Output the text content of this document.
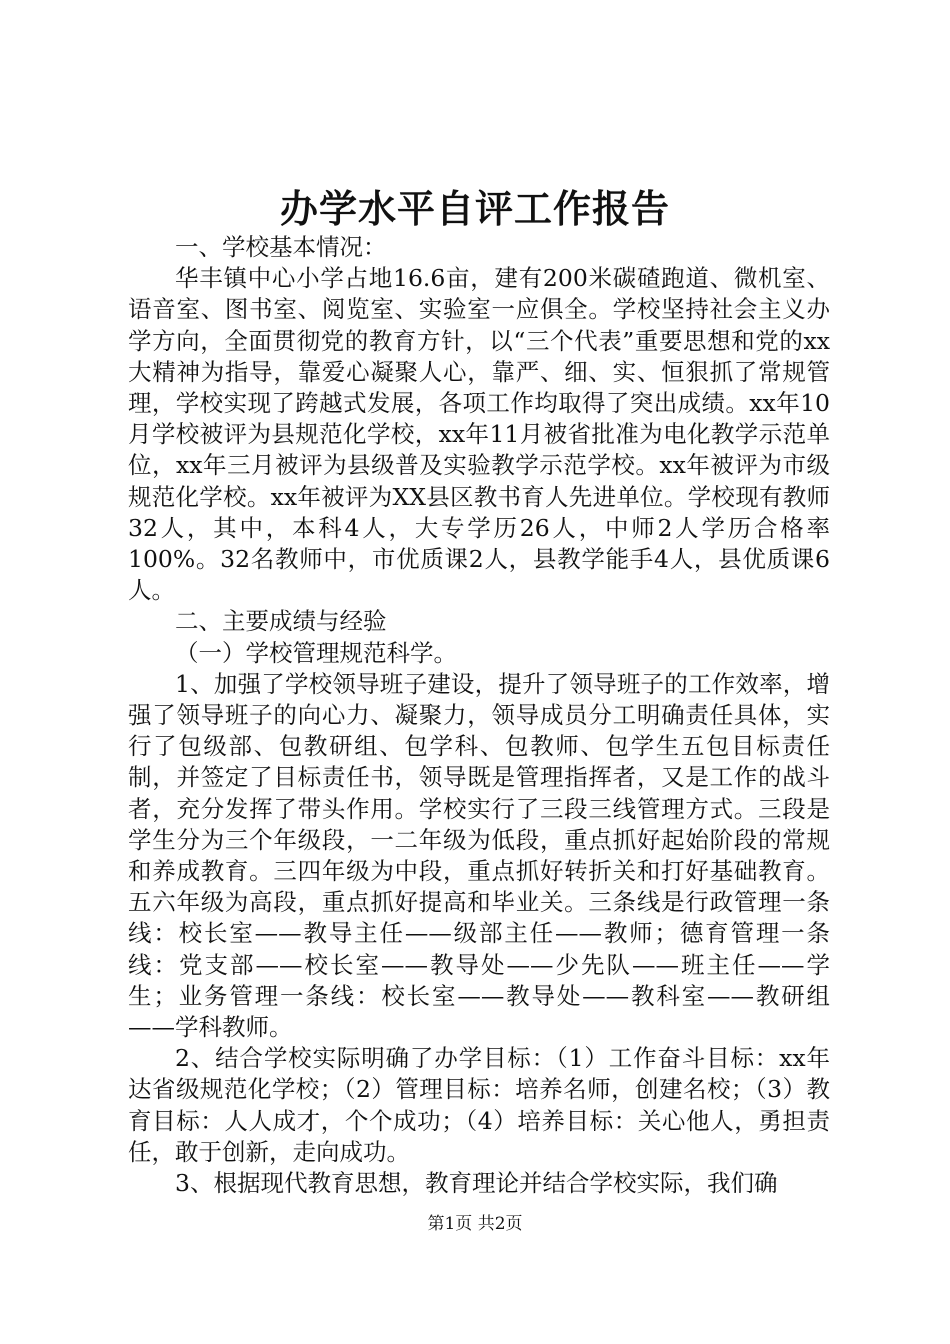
办学水平自评工作报告

一、学校基本情况：

华丰镇中心小学占地16.6亩，建有200米碳碴跑道、微机室、语音室、图书室、阅览室、实验室一应俱全。学校坚持社会主义办学方向，全面贯彻党的教育方针，以“三个代表”重要思想和党的xx大精神为指导，靠爱心凝聚人心，靠严、细、实、恒狠抓了常规管理，学校实现了跨越式发展，各项工作均取得了突出成绩。xx年10月学校被评为县规范化学校，xx年11月被省批准为电化教学示范单位，xx年三月被评为县级普及实验教学示范学校。xx年被评为市级规范化学校。xx年被评为XX县区教书育人先进单位。学校现有教师32人，其中，本科4人，大专学历26人，中师2人学历合格率100%。32名教师中，市优质课2人，县教学能手4人，县优质课6人。

二、主要成绩与经验

（一）学校管理规范科学。

1、加强了学校领导班子建设，提升了领导班子的工作效率，增强了领导班子的向心力、凝聚力，领导成员分工明确责任具体，实行了包级部、包教研组、包学科、包教师、包学生五包目标责任制，并签定了目标责任书，领导既是管理指挥者，又是工作的战斗者，充分发挥了带头作用。学校实行了三段三线管理方式。三段是学生分为三个年级段，一二年级为低段，重点抓好起始阶段的常规和养成教育。三四年级为中段，重点抓好转折关和打好基础教育。五六年级为高段，重点抓好提高和毕业关。三条线是行政管理一条线：校长室——教导主任——级部主任——教师；德育管理一条线：党支部——校长室——教导处——少先队——班主任——学生；业务管理一条线：校长室——教导处——教科室——教研组——学科教师。

2、结合学校实际明确了办学目标：（1）工作奋斗目标：xx年达省级规范化学校；（2）管理目标：培养名师，创建名校；（3）教育目标：人人成才，个个成功；（4）培养目标：关心他人，勇担责任，敢于创新，走向成功。

3、根据现代教育思想，教育理论并结合学校实际，我们确

第1页 共2页
